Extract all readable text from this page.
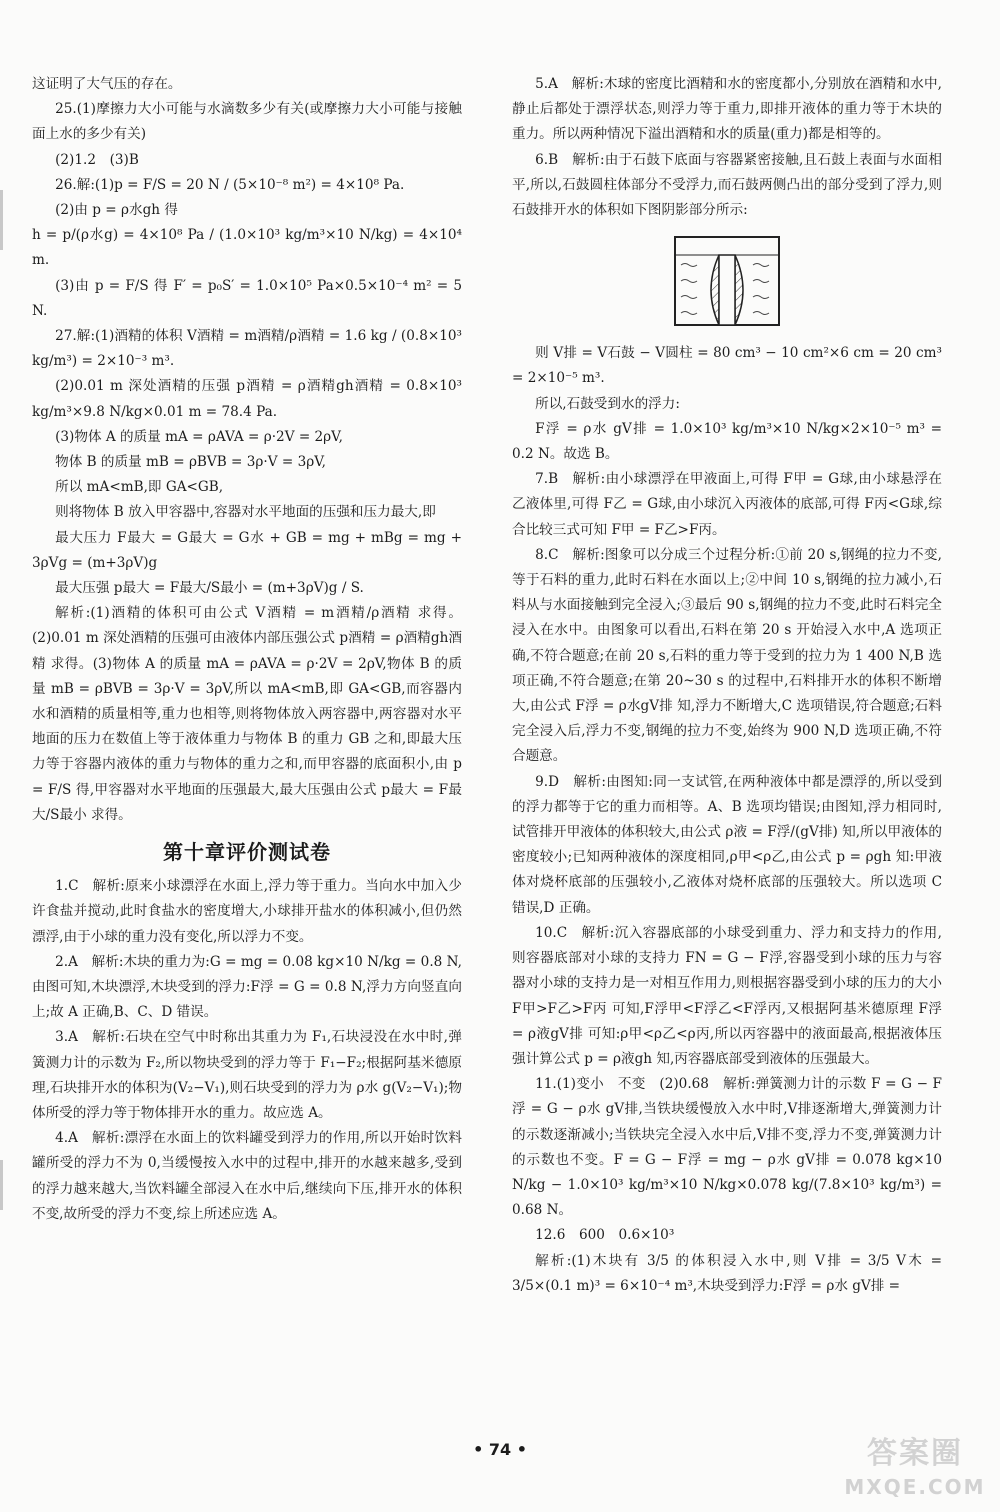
这证明了大气压的存在。

25.(1)摩擦力大小可能与水滴数多少有关(或摩擦力大小可能与接触面上水的多少有关)

(2)1.2　(3)B

26.解:(1)p = F/S = 20 N / (5×10⁻⁸ m²) = 4×10⁸ Pa.

(2)由 p = ρ水gh 得

h = p/(ρ水g) = 4×10⁸ Pa / (1.0×10³ kg/m³×10 N/kg) = 4×10⁴ m.

(3)由 p = F/S 得 F′ = p₀S′ = 1.0×10⁵ Pa×0.5×10⁻⁴ m² = 5 N.

27.解:(1)酒精的体积 V酒精 = m酒精/ρ酒精 = 1.6 kg / (0.8×10³ kg/m³) = 2×10⁻³ m³.

(2)0.01 m 深处酒精的压强 p酒精 = ρ酒精gh酒精 = 0.8×10³ kg/m³×9.8 N/kg×0.01 m = 78.4 Pa.

(3)物体 A 的质量 mA = ρAVA = ρ·2V = 2ρV,

物体 B 的质量 mB = ρBVB = 3ρ·V = 3ρV,

所以 mA<mB,即 GA<GB,

则将物体 B 放入甲容器中,容器对水平地面的压强和压力最大,即

最大压力 F最大 = G最大 = G水 + GB = mg + mBg = mg + 3ρVg = (m+3ρV)g

最大压强 p最大 = F最大/S最小 = (m+3ρV)g / S.

解析:(1)酒精的体积可由公式 V酒精 = m酒精/ρ酒精 求得。(2)0.01 m 深处酒精的压强可由液体内部压强公式 p酒精 = ρ酒精gh酒精 求得。(3)物体 A 的质量 mA = ρAVA = ρ·2V = 2ρV,物体 B 的质量 mB = ρBVB = 3ρ·V = 3ρV,所以 mA<mB,即 GA<GB,而容器内水和酒精的质量相等,重力也相等,则将物体放入两容器中,两容器对水平地面的压力在数值上等于液体重力与物体 B 的重力 GB 之和,即最大压力等于容器内液体的重力与物体的重力之和,而甲容器的底面积小,由 p = F/S 得,甲容器对水平地面的压强最大,最大压强由公式 p最大 = F最大/S最小 求得。

第十章评价测试卷

1.C　解析:原来小球漂浮在水面上,浮力等于重力。当向水中加入少许食盐并搅动,此时食盐水的密度增大,小球排开盐水的体积减小,但仍然漂浮,由于小球的重力没有变化,所以浮力不变。

2.A　解析:木块的重力为:G = mg = 0.08 kg×10 N/kg = 0.8 N,由图可知,木块漂浮,木块受到的浮力:F浮 = G = 0.8 N,浮力方向竖直向上;故 A 正确,B、C、D 错误。

3.A　解析:石块在空气中时称出其重力为 F₁,石块浸没在水中时,弹簧测力计的示数为 F₂,所以物块受到的浮力等于 F₁−F₂;根据阿基米德原理,石块排开水的体积为(V₂−V₁),则石块受到的浮力为 ρ水 g(V₂−V₁);物体所受的浮力等于物体排开水的重力。故应选 A。

4.A　解析:漂浮在水面上的饮料罐受到浮力的作用,所以开始时饮料罐所受的浮力不为 0,当缓慢按入水中的过程中,排开的水越来越多,受到的浮力越来越大,当饮料罐全部浸入在水中后,继续向下压,排开水的体积不变,故所受的浮力不变,综上所述应选 A。

5.A　解析:木球的密度比酒精和水的密度都小,分别放在酒精和水中,静止后都处于漂浮状态,则浮力等于重力,即排开液体的重力等于木块的重力。所以两种情况下溢出酒精和水的质量(重力)都是相等的。

6.B　解析:由于石鼓下底面与容器紧密接触,且石鼓上表面与水面相平,所以,石鼓圆柱体部分不受浮力,而石鼓两侧凸出的部分受到了浮力,则石鼓排开水的体积如下图阴影部分所示:

则 V排 = V石鼓 − V圆柱 = 80 cm³ − 10 cm²×6 cm = 20 cm³ = 2×10⁻⁵ m³.

所以,石鼓受到水的浮力:

F浮 = ρ水 gV排 = 1.0×10³ kg/m³×10 N/kg×2×10⁻⁵ m³ = 0.2 N。故选 B。

7.B　解析:由小球漂浮在甲液面上,可得 F甲 = G球,由小球悬浮在乙液体里,可得 F乙 = G球,由小球沉入丙液体的底部,可得 F丙<G球,综合比较三式可知 F甲 = F乙>F丙。

8.C　解析:图象可以分成三个过程分析:①前 20 s,钢绳的拉力不变,等于石料的重力,此时石料在水面以上;②中间 10 s,钢绳的拉力减小,石料从与水面接触到完全浸入;③最后 90 s,钢绳的拉力不变,此时石料完全浸入在水中。由图象可以看出,石料在第 20 s 开始浸入水中,A 选项正确,不符合题意;在前 20 s,石料的重力等于受到的拉力为 1 400 N,B 选项正确,不符合题意;在第 20~30 s 的过程中,石料排开水的体积不断增大,由公式 F浮 = ρ水gV排 知,浮力不断增大,C 选项错误,符合题意;石料完全浸入后,浮力不变,钢绳的拉力不变,始终为 900 N,D 选项正确,不符合题意。

9.D　解析:由图知:同一支试管,在两种液体中都是漂浮的,所以受到的浮力都等于它的重力而相等。A、B 选项均错误;由图知,浮力相同时,试管排开甲液体的体积较大,由公式 ρ液 = F浮/(gV排) 知,所以甲液体的密度较小;已知两种液体的深度相同,ρ甲<ρ乙,由公式 p = ρgh 知:甲液体对烧杯底部的压强较小,乙液体对烧杯底部的压强较大。所以选项 C 错误,D 正确。

10.C　解析:沉入容器底部的小球受到重力、浮力和支持力的作用,则容器底部对小球的支持力 FN = G − F浮,容器受到小球的压力与容器对小球的支持力是一对相互作用力,则根据容器受到小球的压力的大小 F甲>F乙>F丙 可知,F浮甲<F浮乙<F浮丙,又根据阿基米德原理 F浮 = ρ液gV排 可知:ρ甲<ρ乙<ρ丙,所以丙容器中的液面最高,根据液体压强计算公式 p = ρ液gh 知,丙容器底部受到液体的压强最大。

11.(1)变小　不变　(2)0.68　解析:弹簧测力计的示数 F = G − F浮 = G − ρ水 gV排,当铁块缓慢放入水中时,V排逐渐增大,弹簧测力计的示数逐渐减小;当铁块完全浸入水中后,V排不变,浮力不变,弹簧测力计的示数也不变。F = G − F浮 = mg − ρ水 gV排 = 0.078 kg×10 N/kg − 1.0×10³ kg/m³×10 N/kg×0.078 kg/(7.8×10³ kg/m³) = 0.68 N。

12.6　600　0.6×10³

解析:(1)木块有 3/5 的体积浸入水中,则 V排 = 3/5 V木 = 3/5×(0.1 m)³ = 6×10⁻⁴ m³,木块受到浮力:F浮 = ρ水 gV排 =

• 74 •	答案圈
MXQE.COM
